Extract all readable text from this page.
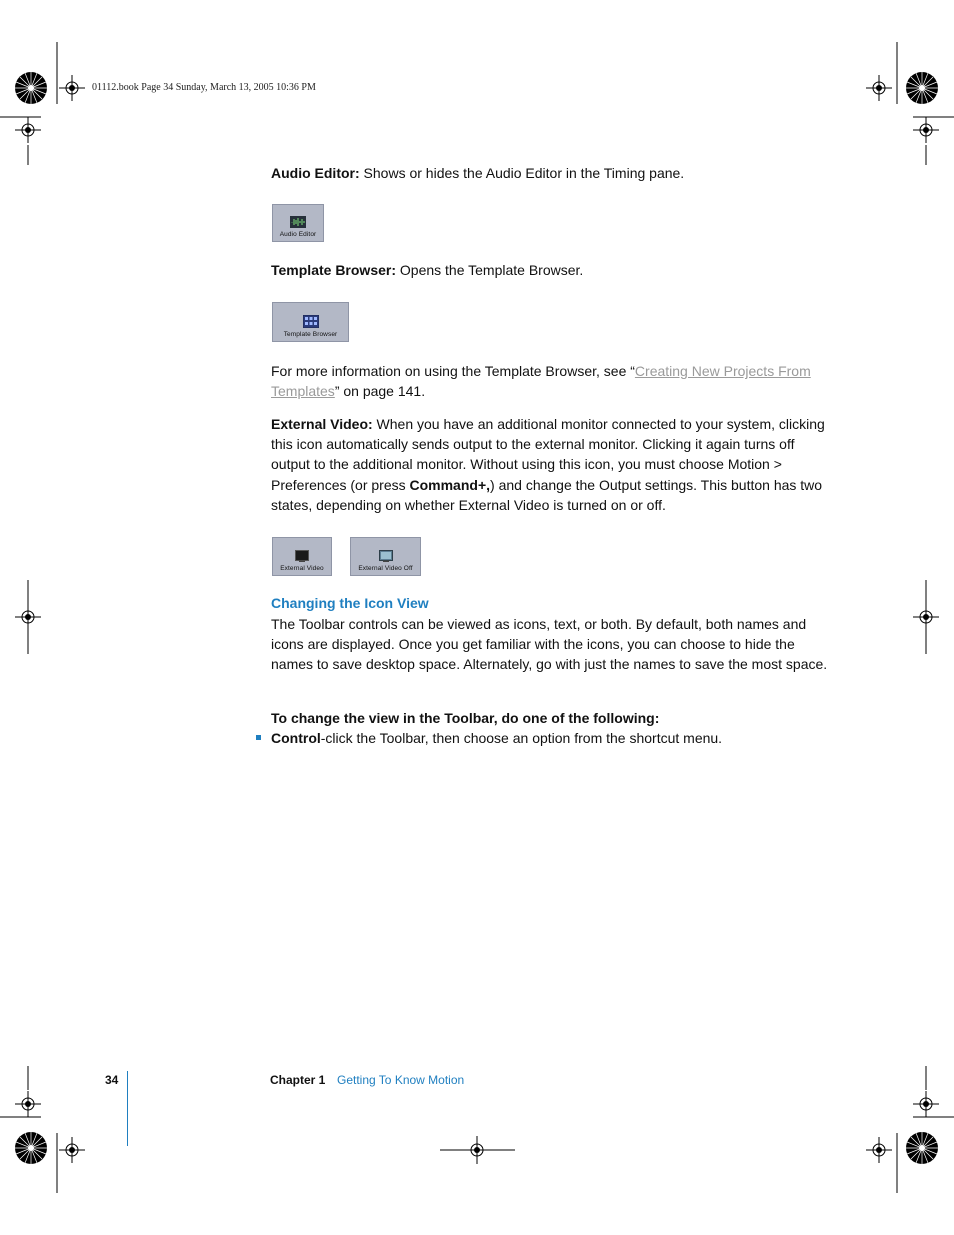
01112.book Page 34 Sunday, March 13, 2005 10:36 PM
Audio Editor: Shows or hides the Audio Editor in the Timing pane.
Audio Editor
Template Browser: Opens the Template Browser.
Template Browser
For more information on using the Template Browser, see “Creating New Projects From Templates” on page 141.
External Video: When you have an additional monitor connected to your system, clicking this icon automatically sends output to the external monitor. Clicking it again turns off output to the additional monitor. Without using this icon, you must choose Motion > Preferences (or press Command+,) and change the Output settings. This button has two states, depending on whether External Video is turned on or off.
External Video	External Video Off
Changing the Icon View
The Toolbar controls can be viewed as icons, text, or both. By default, both names and icons are displayed. Once you get familiar with the icons, you can choose to hide the names to save desktop space. Alternately, go with just the names to save the most space.
To change the view in the Toolbar, do one of the following:
Control-click the Toolbar, then choose an option from the shortcut menu.
34	Chapter 1 Getting To Know Motion
